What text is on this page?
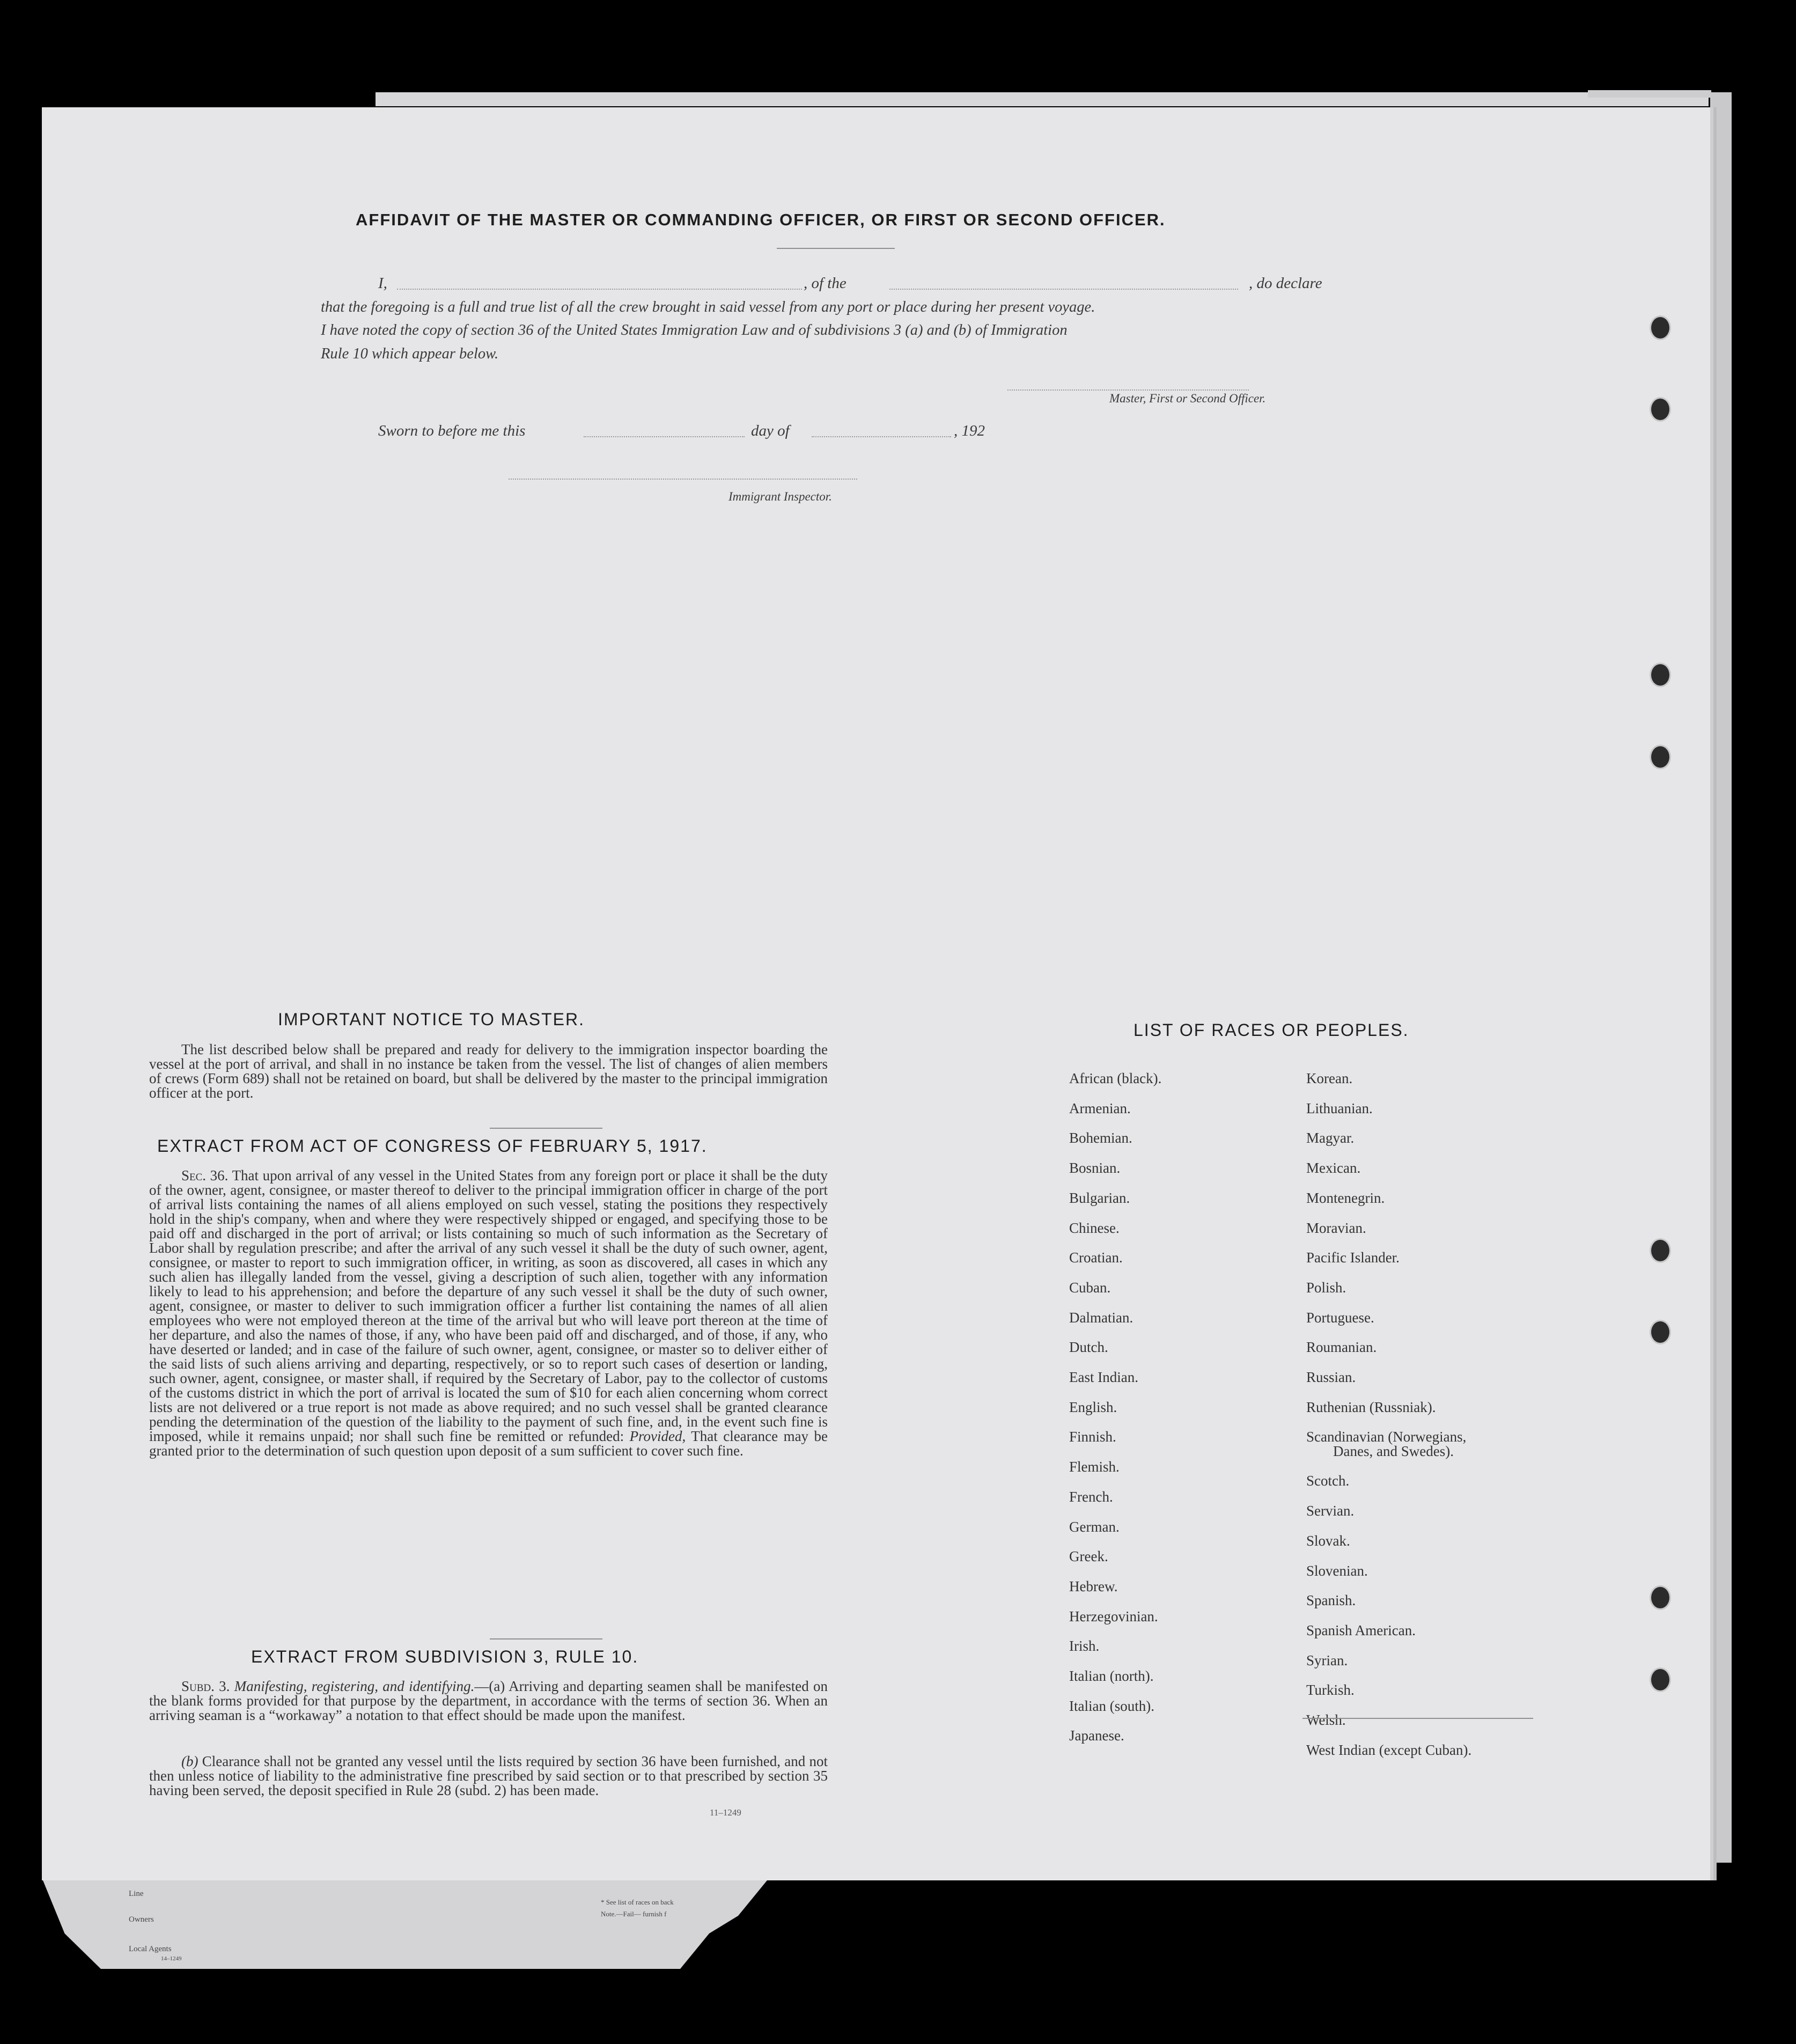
AFFIDAVIT OF THE MASTER OR COMMANDING OFFICER, OR FIRST OR SECOND OFFICER.
I,	, of the	, do declare
that the foregoing is a full and true list of all the crew brought in said vessel from any port or place during her present voyage.
I have noted the copy of section 36 of the United States Immigration Law and of subdivisions 3 (a) and (b) of Immigration
Rule 10 which appear below.
Master, First or Second Officer.
Sworn to before me this	day of	, 192
Immigrant Inspector.
IMPORTANT NOTICE TO MASTER.
The list described below shall be prepared and ready for delivery to the immigration inspector boarding the vessel at the port of arrival, and shall in no instance be taken from the vessel. The list of changes of alien members of crews (Form 689) shall not be retained on board, but shall be delivered by the master to the principal immigration officer at the port.
EXTRACT FROM ACT OF CONGRESS OF FEBRUARY 5, 1917.
Sec. 36. That upon arrival of any vessel in the United States from any foreign port or place it shall be the duty of the owner, agent, consignee, or master thereof to deliver to the principal immigration officer in charge of the port of arrival lists containing the names of all aliens employed on such vessel, stating the positions they respectively hold in the ship's company, when and where they were respectively shipped or engaged, and specifying those to be paid off and discharged in the port of arrival; or lists containing so much of such information as the Secretary of Labor shall by regulation prescribe; and after the arrival of any such vessel it shall be the duty of such owner, agent, consignee, or master to report to such immigration officer, in writing, as soon as discovered, all cases in which any such alien has illegally landed from the vessel, giving a description of such alien, together with any information likely to lead to his apprehension; and before the departure of any such vessel it shall be the duty of such owner, agent, consignee, or master to deliver to such immigration officer a further list containing the names of all alien employees who were not employed thereon at the time of the arrival but who will leave port thereon at the time of her departure, and also the names of those, if any, who have been paid off and discharged, and of those, if any, who have deserted or landed; and in case of the failure of such owner, agent, consignee, or master so to deliver either of the said lists of such aliens arriving and departing, respectively, or so to report such cases of desertion or landing, such owner, agent, consignee, or master shall, if required by the Secretary of Labor, pay to the collector of customs of the customs district in which the port of arrival is located the sum of $10 for each alien concerning whom correct lists are not delivered or a true report is not made as above required; and no such vessel shall be granted clearance pending the determination of the question of the liability to the payment of such fine, and, in the event such fine is imposed, while it remains unpaid; nor shall such fine be remitted or refunded: Provided, That clearance may be granted prior to the determination of such question upon deposit of a sum sufficient to cover such fine.
EXTRACT FROM SUBDIVISION 3, RULE 10.
Subd. 3. Manifesting, registering, and identifying.—(a) Arriving and departing seamen shall be manifested on the blank forms provided for that purpose by the department, in accordance with the terms of section 36. When an arriving seaman is a “workaway” a notation to that effect should be made upon the manifest.
(b) Clearance shall not be granted any vessel until the lists required by section 36 have been furnished, and not then unless notice of liability to the administrative fine prescribed by said section or to that prescribed by section 35 having been served, the deposit specified in Rule 28 (subd. 2) has been made.
11–1249
LIST OF RACES OR PEOPLES.
African (black).
Armenian.
Bohemian.
Bosnian.
Bulgarian.
Chinese.
Croatian.
Cuban.
Dalmatian.
Dutch.
East Indian.
English.
Finnish.
Flemish.
French.
German.
Greek.
Hebrew.
Herzegovinian.
Irish.
Italian (north).
Italian (south).
Japanese.
Korean.
Lithuanian.
Magyar.
Mexican.
Montenegrin.
Moravian.
Pacific Islander.
Polish.
Portuguese.
Roumanian.
Russian.
Ruthenian (Russniak).
Scandinavian (Norwegians,
Danes, and Swedes).
Scotch.
Servian.
Slovak.
Slovenian.
Spanish.
Spanish American.
Syrian.
Turkish.
Welsh.
West Indian (except Cuban).
Line
Owners
Local Agents
14–1249
* See list of races on back
Note.—Fail— furnish f
